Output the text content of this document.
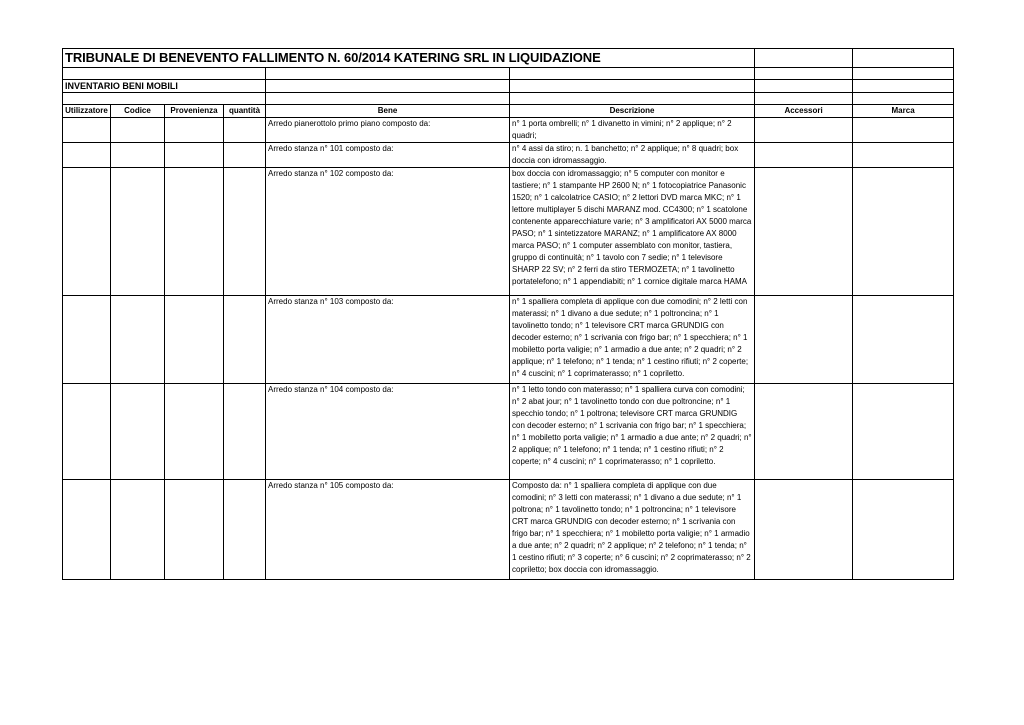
TRIBUNALE DI BENEVENTO FALLIMENTO N. 60/2014 KATERING SRL IN LIQUIDAZIONE							

INVENTARIO BENI MOBILI							

Utilizzatore	Codice	Provenienza	quantità	Bene	Descrizione	Accessori	Marca
				Arredo pianerottolo primo piano composto da:	n° 1 porta ombrelli; n° 1 divanetto in vimini; n° 2 applique; n° 2 quadri;		
				Arredo stanza n° 101 composto da:	n° 4 assi da stiro; n. 1 banchetto; n° 2 applique; n° 8 quadri; box doccia con idromassaggio.		
				Arredo stanza n° 102 composto da:	box doccia con idromassaggio; n° 5 computer con monitor e tastiere; n° 1 stampante HP 2600 N; n° 1 fotocopiatrice Panasonic 1520; n° 1 calcolatrice CASIO; n° 2 lettori DVD marca MKC; n° 1 lettore multiplayer 5 dischi MARANZ mod. CC4300; n° 1 scatolone contenente apparecchiature varie; n° 3 amplificatori AX 5000 marca PASO; n° 1 sintetizzatore MARANZ; n° 1 amplificatore AX 8000 marca PASO; n° 1 computer assemblato con monitor, tastiera, gruppo di continuità; n° 1 tavolo con 7 sedie; n° 1 televisore SHARP 22 SV; n° 2 ferri da stiro TERMOZETA; n° 1 tavolinetto portatelefono; n° 1 appendiabiti; n° 1 cornice digitale marca HAMA		

				Arredo stanza n° 103 composto da:	n° 1 spalliera completa di applique con due comodini; n° 2 letti con materassi; n° 1 divano a due sedute; n° 1 poltroncina; n° 1 tavolinetto tondo; n° 1 televisore CRT marca GRUNDIG con decoder esterno; n° 1 scrivania con frigo bar; n° 1 specchiera; n° 1 mobiletto porta valigie; n° 1 armadio a due ante; n° 2 quadri; n° 2 applique; n° 1 telefono; n° 1 tenda; n° 1 cestino rifiuti; n° 2 coperte; n° 4 cuscini; n° 1 coprimaterasso; n° 1 copriletto.		
				Arredo stanza n° 104 composto da:	n° 1 letto tondo con materasso; n° 1 spalliera curva con comodini; n° 2 abat jour; n° 1 tavolinetto tondo con due poltroncine; n° 1 specchio tondo; n° 1 poltrona; televisore CRT marca GRUNDIG con decoder esterno; n° 1 scrivania con frigo bar; n° 1 specchiera; n° 1 mobiletto porta valigie; n° 1 armadio a due ante; n° 2 quadri; n° 2 applique; n° 1 telefono; n° 1 tenda; n° 1 cestino rifiuti; n° 2 coperte; n° 4 cuscini; n° 1 coprimaterasso; n° 1 copriletto.		
				Arredo stanza n° 105 composto da:	Composto da: n° 1 spalliera completa di applique con due comodini; n° 3 letti con materassi; n° 1 divano a due sedute; n° 1 poltrona; n° 1 tavolinetto tondo; n° 1 poltroncina; n° 1 televisore CRT marca GRUNDIG con decoder esterno; n° 1 scrivania con frigo bar; n° 1 specchiera; n° 1 mobiletto porta valigie; n° 1 armadio a due ante; n° 2 quadri; n° 2 applique; n° 2 telefono; n° 1 tenda; n° 1 cestino rifiuti; n° 3 coperte; n° 6 cuscini; n° 2 coprimaterasso; n° 2 copriletto; box doccia con idromassaggio.		
